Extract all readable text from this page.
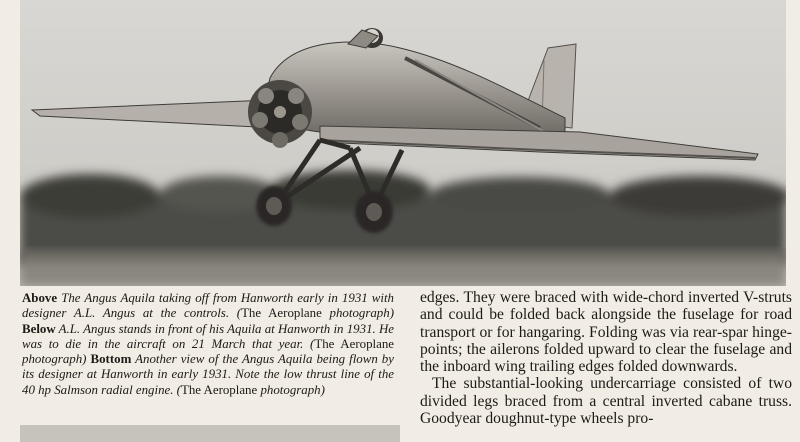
Above The Angus Aquila taking off from Hanworth early in 1931 with designer A.L. Angus at the controls. (The Aeroplane photograph) Below A.L. Angus stands in front of his Aquila at Hanworth in 1931. He was to die in the aircraft on 21 March that year. (The Aeroplane photograph) Bottom Another view of the Angus Aquila being flown by its designer at Hanworth in early 1931. Note the low thrust line of the 40 hp Salmson radial engine. (The Aeroplane photograph)

edges. They were braced with wide-chord inverted V-struts and could be folded back alongside the fuselage for road transport or for hangaring. Folding was via rear-spar hinge-points; the ailerons folded upward to clear the fuselage and the inboard wing trailing edges folded downwards.

The substantial-looking undercarriage consisted of two divided legs braced from a central inverted cabane truss. Goodyear doughnut-type wheels pro-
